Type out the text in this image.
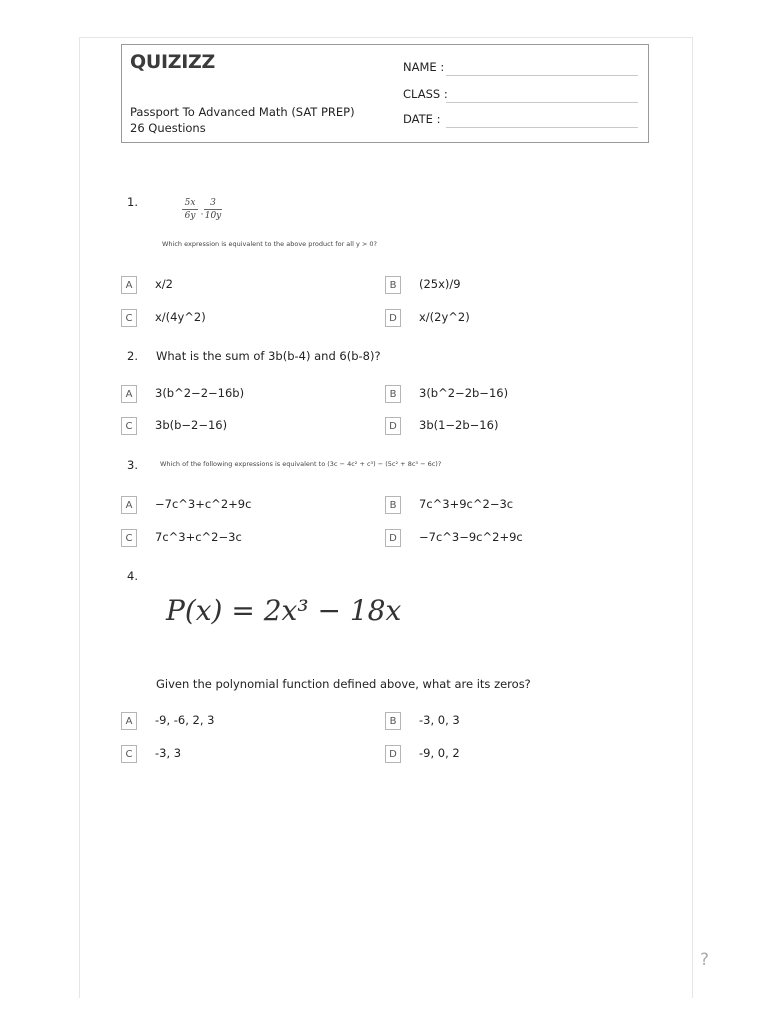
QUIZIZZ
Passport To Advanced Math (SAT PREP)
26 Questions
NAME :
CLASS :
DATE :
1.	5x
6y ·
3
10y
Which expression is equivalent to the above product for all y > 0?
A	x/2	B	(25x)/9
C	x/(4y^2)	D	x/(2y^2)
2. What is the sum of 3b(b-4) and 6(b-8)?
A	3(b^2−2−16b)	B	3(b^2−2b−16)
C	3b(b−2−16)	D	3b(1−2b−16)
3.	Which of the following expressions is equivalent to (3c − 4c² + c³) − (5c² + 8c³ − 6c)?
A	−7c^3+c^2+9c	B	7c^3+9c^2−3c
C	7c^3+c^2−3c	D	−7c^3−9c^2+9c
4.
P(x) = 2x³ − 18x
Given the polynomial function defined above, what are its zeros?
A	-9, -6, 2, 3	B	-3, 0, 3
C	-3, 3	D	-9, 0, 2
?
